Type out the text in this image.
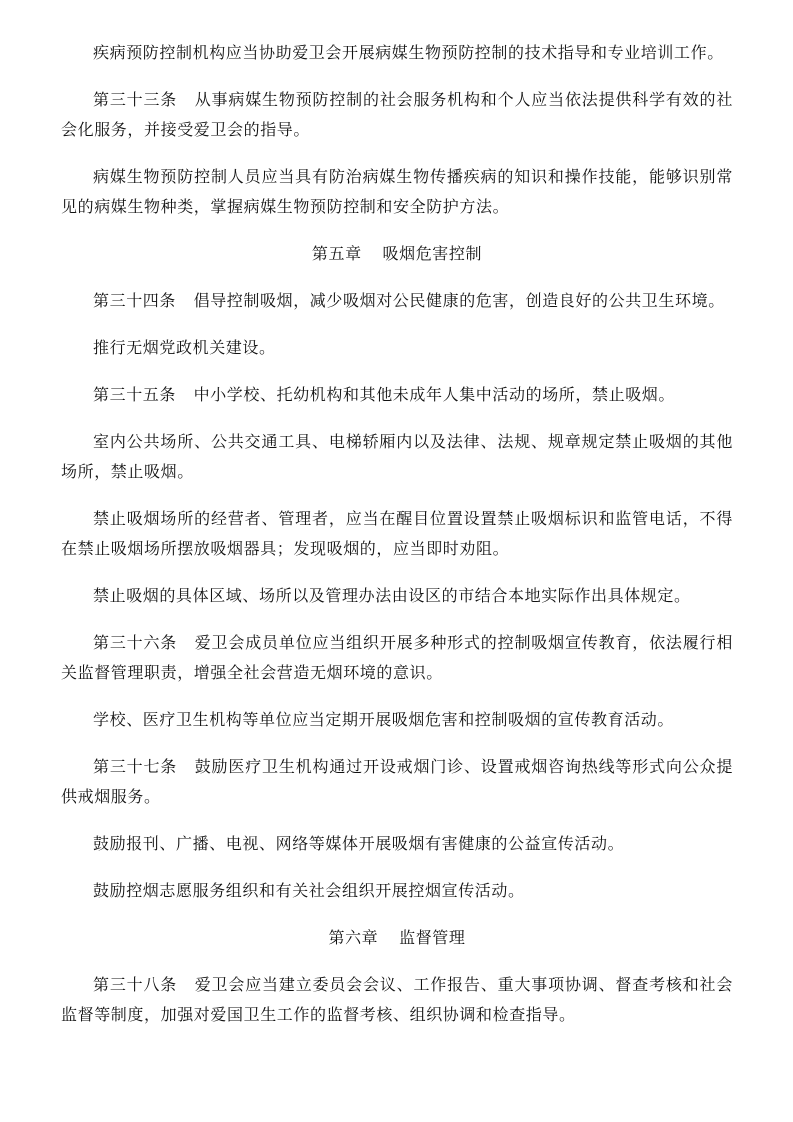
疾病预防控制机构应当协助爱卫会开展病媒生物预防控制的技术指导和专业培训工作。

第三十三条 从事病媒生物预防控制的社会服务机构和个人应当依法提供科学有效的社会化服务，并接受爱卫会的指导。

病媒生物预防控制人员应当具有防治病媒生物传播疾病的知识和操作技能，能够识别常见的病媒生物种类，掌握病媒生物预防控制和安全防护方法。

第五章 吸烟危害控制

第三十四条 倡导控制吸烟，减少吸烟对公民健康的危害，创造良好的公共卫生环境。

推行无烟党政机关建设。

第三十五条 中小学校、托幼机构和其他未成年人集中活动的场所，禁止吸烟。

室内公共场所、公共交通工具、电梯轿厢内以及法律、法规、规章规定禁止吸烟的其他场所，禁止吸烟。

禁止吸烟场所的经营者、管理者，应当在醒目位置设置禁止吸烟标识和监管电话，不得在禁止吸烟场所摆放吸烟器具；发现吸烟的，应当即时劝阻。

禁止吸烟的具体区域、场所以及管理办法由设区的市结合本地实际作出具体规定。

第三十六条 爱卫会成员单位应当组织开展多种形式的控制吸烟宣传教育，依法履行相关监督管理职责，增强全社会营造无烟环境的意识。

学校、医疗卫生机构等单位应当定期开展吸烟危害和控制吸烟的宣传教育活动。

第三十七条 鼓励医疗卫生机构通过开设戒烟门诊、设置戒烟咨询热线等形式向公众提供戒烟服务。

鼓励报刊、广播、电视、网络等媒体开展吸烟有害健康的公益宣传活动。

鼓励控烟志愿服务组织和有关社会组织开展控烟宣传活动。

第六章 监督管理

第三十八条 爱卫会应当建立委员会会议、工作报告、重大事项协调、督查考核和社会监督等制度，加强对爱国卫生工作的监督考核、组织协调和检查指导。
